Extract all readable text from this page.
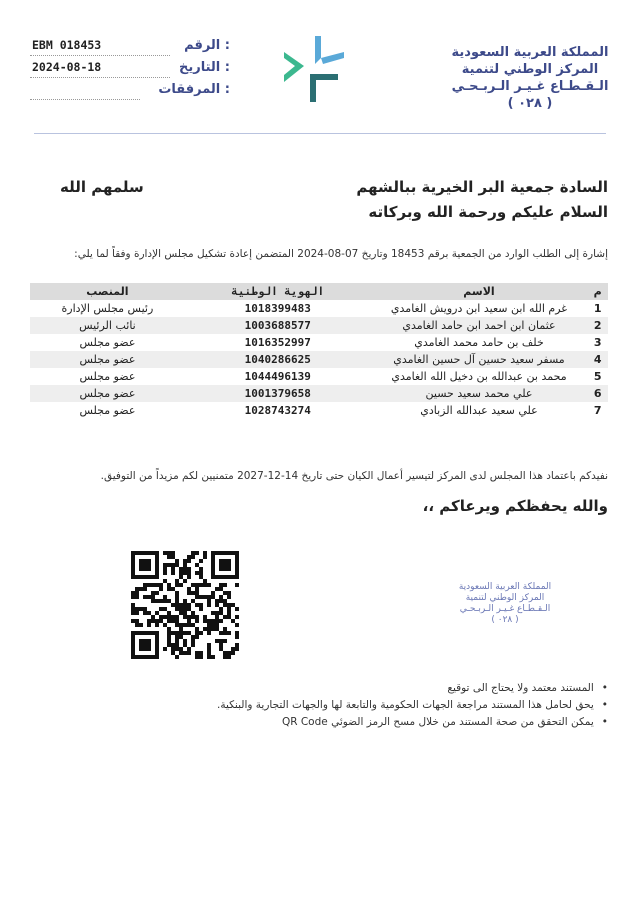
المملكة العربية السعودية
المركز الوطني لتنمية
الـقـطـاع غـيـر الـربـحـي
( ٠٢٨ )
EBM 018453	الرقم :
2024-08-18	التاريخ :
المرفقات :
السادة جمعية البر الخيرية ببالشهم
سلمهم الله
السلام عليكم ورحمة الله وبركاته
إشارة إلى الطلب الوارد من الجمعية برقم 18453 وتاريخ 07-08-2024 المتضمن إعادة تشكيل مجلس الإدارة وفقاً لما يلي:
م	الاسم	الهوية الوطنية	المنصب
1	غرم الله ابن سعيد ابن درويش الغامدي	1018399483	رئيس مجلس الإدارة
2	عثمان ابن احمد ابن حامد الغامدي	1003688577	نائب الرئيس
3	خلف بن حامد محمد الغامدي	1016352997	عضو مجلس
4	مسفر سعيد حسين آل حسين الغامدي	1040286625	عضو مجلس
5	محمد بن عبدالله بن دخيل الله الغامدي	1044496139	عضو مجلس
6	علي محمد سعيد حسين	1001379658	عضو مجلس
7	علي سعيد عبدالله الزبادي	1028743274	عضو مجلس
نفيدكم باعتماد هذا المجلس لدى المركز لتيسير أعمال الكيان حتى تاريخ 14-12-2027 متمنيين لكم مزيداً من التوفيق.
والله يحفظكم ويرعاكم ،،
المملكة العربية السعودية
المركز الوطني لتنمية
الـقـطـاع غـيـر الـربـحـي
( ٠٢٨ )
• المستند معتمد ولا يحتاج الى توقيع
• يحق لحامل هذا المستند مراجعة الجهات الحكومية والتابعة لها والجهات التجارية والبنكية.
• يمكن التحقق من صحة المستند من خلال مسح الرمز الضوئي QR Code
